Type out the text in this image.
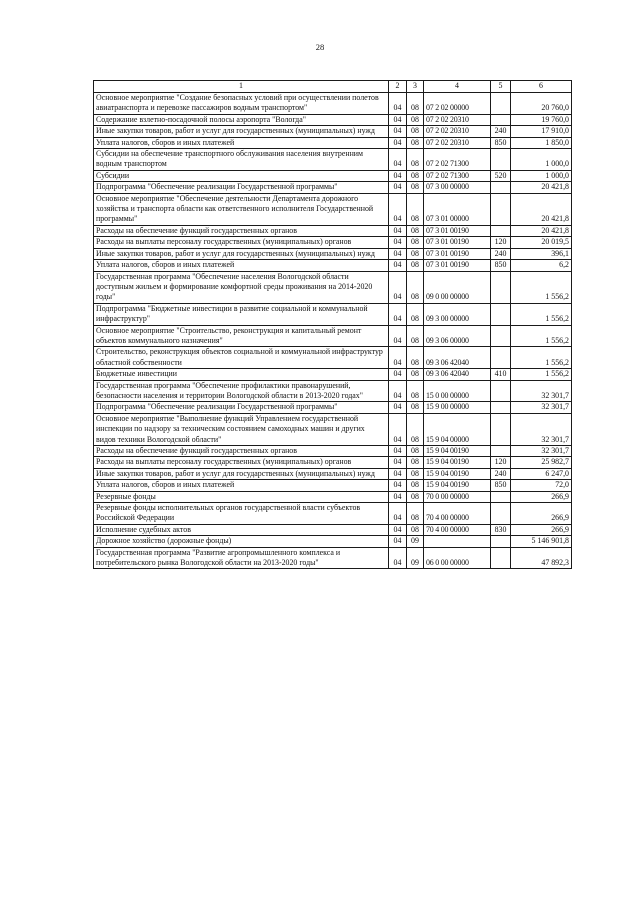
28
1	2	3	4	5	6
Основное мероприятие "Создание безопасных условий при осуществлении полетов авиатранспорта и перевозке пассажиров водным транспортом"	04	08	07 2 02 00000		20 760,0
Содержание взлетно-посадочной полосы аэропорта "Вологда"	04	08	07 2 02 20310		19 760,0
Иные закупки товаров, работ и услуг для государственных (муниципальных) нужд	04	08	07 2 02 20310	240	17 910,0
Уплата налогов, сборов и иных платежей	04	08	07 2 02 20310	850	1 850,0
Субсидии на обеспечение транспортного обслуживания населения внутренним водным транспортом	04	08	07 2 02 71300		1 000,0
Субсидии	04	08	07 2 02 71300	520	1 000,0
Подпрограмма "Обеспечение реализации Государственной программы"	04	08	07 3 00 00000		20 421,8
Основное мероприятие "Обеспечение деятельности Департамента дорожного хозяйства и транспорта области как ответственного исполнителя Государственной программы"	04	08	07 3 01 00000		20 421,8
Расходы на обеспечение функций государственных органов	04	08	07 3 01 00190		20 421,8
Расходы на выплаты персоналу государственных (муниципальных) органов	04	08	07 3 01 00190	120	20 019,5
Иные закупки товаров, работ и услуг для государственных (муниципальных) нужд	04	08	07 3 01 00190	240	396,1
Уплата налогов, сборов и иных платежей	04	08	07 3 01 00190	850	6,2
Государственная программа "Обеспечение населения Вологодской области доступным жильем и формирование комфортной среды проживания на 2014-2020 годы"	04	08	09 0 00 00000		1 556,2
Подпрограмма "Бюджетные инвестиции в развитие социальной и коммунальной инфраструктур"	04	08	09 3 00 00000		1 556,2
Основное мероприятие "Строительство, реконструкция и капитальный ремонт объектов коммунального назначения"	04	08	09 3 06 00000		1 556,2
Строительство, реконструкция объектов социальной и коммунальной инфраструктур областной собственности	04	08	09 3 06 42040		1 556,2
Бюджетные инвестиции	04	08	09 3 06 42040	410	1 556,2
Государственная программа "Обеспечение профилактики правонарушений, безопасности населения и территории Вологодской области в 2013-2020 годах"	04	08	15 0 00 00000		32 301,7
Подпрограмма "Обеспечение реализации Государственной программы"	04	08	15 9 00 00000		32 301,7
Основное мероприятие "Выполнение функций Управлением государственной инспекции по надзору за техническим состоянием самоходных машин и других видов техники Вологодской области"	04	08	15 9 04 00000		32 301,7
Расходы на обеспечение функций государственных органов	04	08	15 9 04 00190		32 301,7
Расходы на выплаты персоналу государственных (муниципальных) органов	04	08	15 9 04 00190	120	25 982,7
Иные закупки товаров, работ и услуг для государственных (муниципальных) нужд	04	08	15 9 04 00190	240	6 247,0
Уплата налогов, сборов и иных платежей	04	08	15 9 04 00190	850	72,0
Резервные фонды	04	08	70 0 00 00000		266,9
Резервные фонды исполнительных органов государственной власти субъектов Российской Федерации	04	08	70 4 00 00000		266,9
Исполнение судебных актов	04	08	70 4 00 00000	830	266,9
Дорожное хозяйство (дорожные фонды)	04	09			5 146 901,8
Государственная программа "Развитие агропромышленного комплекса и потребительского рынка Вологодской области на 2013-2020 годы"	04	09	06 0 00 00000		47 892,3
